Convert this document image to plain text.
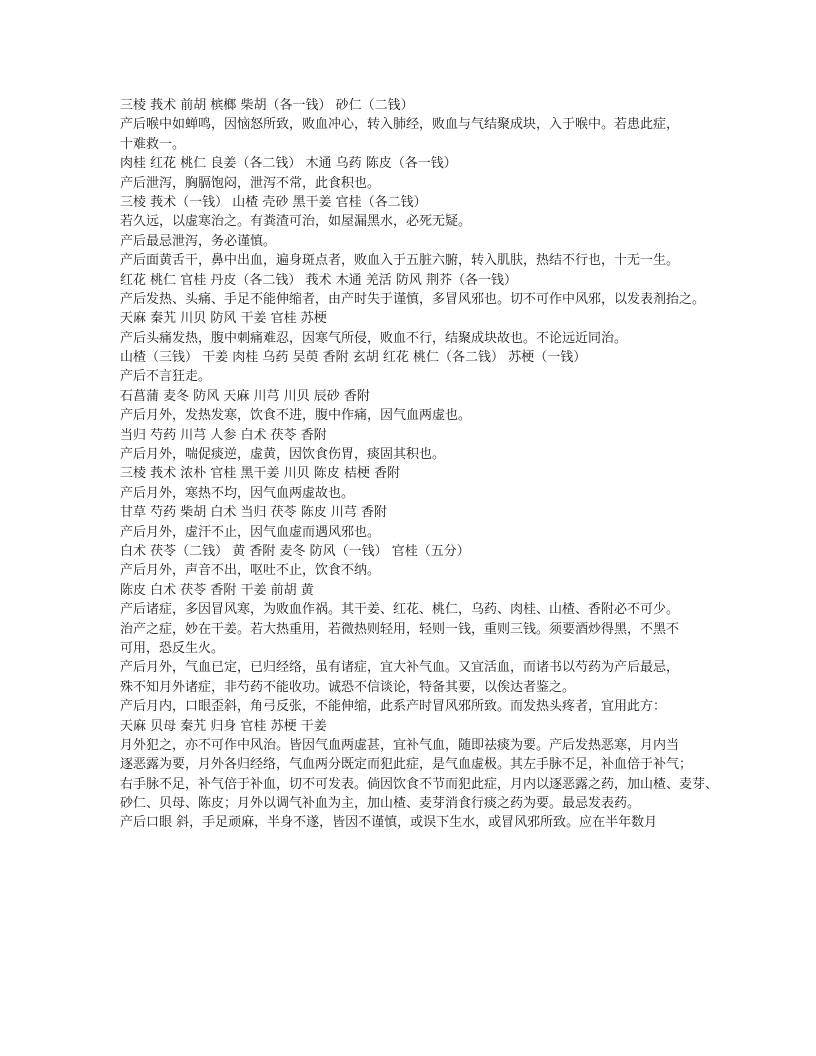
三棱 莪术 前胡 槟榔 柴胡（各一钱） 砂仁（二钱）
产后喉中如蝉鸣，因恼怒所致，败血冲心，转入肺经，败血与气结聚成块，入于喉中。若患此症，
十难救一。
肉桂 红花 桃仁 良姜（各二钱） 木通 乌药 陈皮（各一钱）
产后泄泻，胸膈饱闷，泄泻不常，此食积也。
三棱 莪术（一钱） 山楂 壳砂 黑干姜 官桂（各二钱）
若久远，以虚寒治之。有粪渣可治，如屋漏黑水，必死无疑。
产后最忌泄泻，务必谨慎。
产后面黄舌干，鼻中出血，遍身斑点者，败血入于五脏六腑，转入肌肤，热结不行也，十无一生。
红花 桃仁 官桂 丹皮（各二钱） 莪术 木通 羌活 防风 荆芥（各一钱）
产后发热、头痛、手足不能伸缩者，由产时失于谨慎，多冒风邪也。切不可作中风邪，以发表剂抬之。
天麻 秦艽 川贝 防风 干姜 官桂 苏梗
产后头痛发热，腹中刺痛难忍，因寒气所侵，败血不行，结聚成块故也。不论远近同治。
山楂（三钱） 干姜 肉桂 乌药 吴萸 香附 玄胡 红花 桃仁（各二钱） 苏梗（一钱）
产后不言狂走。
石菖蒲 麦冬 防风 天麻 川芎 川贝 辰砂 香附
产后月外，发热发寒，饮食不进，腹中作痛，因气血两虚也。
当归 芍药 川芎 人参 白术 茯苓 香附
产后月外，喘促痰逆，虚黄，因饮食伤胃，痰固其积也。
三棱 莪术 浓朴 官桂 黑干姜 川贝 陈皮 桔梗 香附
产后月外，寒热不均，因气血两虚故也。
甘草 芍药 柴胡 白术 当归 茯苓 陈皮 川芎 香附
产后月外，虚汗不止，因气血虚而遇风邪也。
白术 茯苓（二钱） 黄 香附 麦冬 防风（一钱） 官桂（五分）
产后月外，声音不出，呕吐不止，饮食不纳。
陈皮 白术 茯苓 香附 干姜 前胡 黄
产后诸症，多因冒风寒，为败血作祸。其干姜、红花、桃仁，乌药、肉桂、山楂、香附必不可少。
治产之症，妙在干姜。若大热重用，若微热则轻用，轻则一钱，重则三钱。须要酒炒得黑，不黑不
可用，恐反生火。
产后月外，气血已定，已归经络，虽有诸症，宜大补气血。又宜活血，而诸书以芍药为产后最忌，
殊不知月外诸症，非芍药不能收功。诚恐不信谈论，特备其要，以俟达者鉴之。
产后月内，口眼歪斜，角弓反张，不能伸缩，此系产时冒风邪所致。而发热头疼者，宜用此方：
天麻 贝母 秦艽 归身 官桂 苏梗 干姜
月外犯之，亦不可作中风治。皆因气血两虚甚，宜补气血，随即祛痰为要。产后发热恶寒，月内当
逐恶露为要，月外各归经络，气血两分既定而犯此症，是气血虚极。其左手脉不足，补血倍于补气；
右手脉不足，补气倍于补血，切不可发表。倘因饮食不节而犯此症，月内以逐恶露之药，加山楂、麦芽、
砂仁、贝母、陈皮；月外以调气补血为主，加山楂、麦芽消食行痰之药为要。最忌发表药。
产后口眼 斜，手足顽麻，半身不遂，皆因不谨慎，或误下生水，或冒风邪所致。应在半年数月
